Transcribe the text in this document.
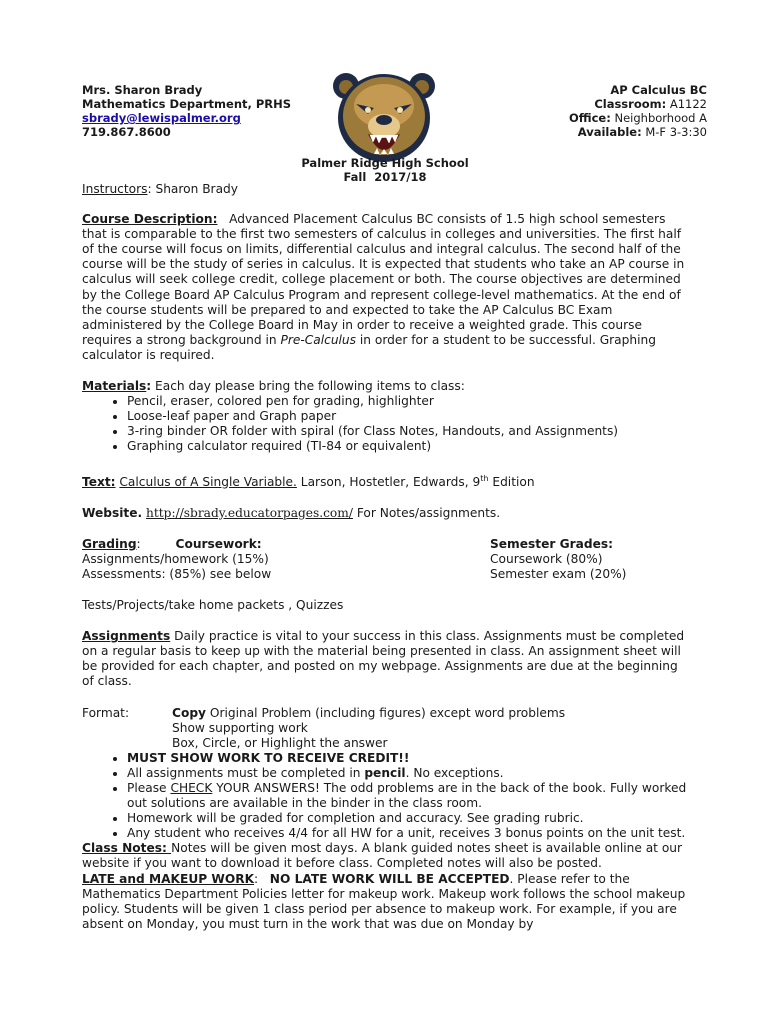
Mrs. Sharon Brady
Mathematics Department, PRHS
sbrady@lewispalmer.org
719.867.8600
AP Calculus BC
Classroom: A1122
Office: Neighborhood A
Available: M-F 3-3:30
Palmer Ridge High School
Fall  2017/18

Instructors: Sharon Brady

Course Description: Advanced Placement Calculus BC consists of 1.5 high school semesters that is comparable to the first two semesters of calculus in colleges and universities. The first half of the course will focus on limits, differential calculus and integral calculus. The second half of the course will be the study of series in calculus. It is expected that students who take an AP course in calculus will seek college credit, college placement or both. The course objectives are determined by the College Board AP Calculus Program and represent college-level mathematics. At the end of the course students will be prepared to and expected to take the AP Calculus BC Exam administered by the College Board in May in order to receive a weighted grade. This course requires a strong background in Pre-Calculus in order for a student to be successful. Graphing calculator is required.

Materials: Each day please bring the following items to class:

• Pencil, eraser, colored pen for grading, highlighter
• Loose-leaf paper and Graph paper
• 3-ring binder OR folder with spiral (for Class Notes, Handouts, and Assignments)
• Graphing calculator required (TI-84 or equivalent)

Text: Calculus of A Single Variable. Larson, Hostetler, Edwards, 9th Edition

Website. http://sbrady.educatorpages.com/ For Notes/assignments.

Grading:         Coursework:	Semester Grades:
Assignments/homework (15%)	Coursework (80%)
Assessments: (85%) see below	Semester exam (20%)

Tests/Projects/take home packets , Quizzes

Assignments Daily practice is vital to your success in this class. Assignments must be completed on a regular basis to keep up with the material being presented in class. An assignment sheet will be provided for each chapter, and posted on my webpage. Assignments are due at the beginning of class.

Format:	Copy Original Problem (including figures) except word problems
Show supporting work
Box, Circle, or Highlight the answer
• MUST SHOW WORK TO RECEIVE CREDIT!!
• All assignments must be completed in pencil. No exceptions.
• Please CHECK YOUR ANSWERS! The odd problems are in the back of the book. Fully worked out solutions are available in the binder in the class room.
• Homework will be graded for completion and accuracy. See grading rubric.
• Any student who receives 4/4 for all HW for a unit, receives 3 bonus points on the unit test.

Class Notes: Notes will be given most days. A blank guided notes sheet is available online at our website if you want to download it before class. Completed notes will also be posted.

LATE and MAKEUP WORK:   NO LATE WORK WILL BE ACCEPTED. Please refer to the Mathematics Department Policies letter for makeup work. Makeup work follows the school makeup policy. Students will be given 1 class period per absence to makeup work. For example, if you are absent on Monday, you must turn in the work that was due on Monday by
